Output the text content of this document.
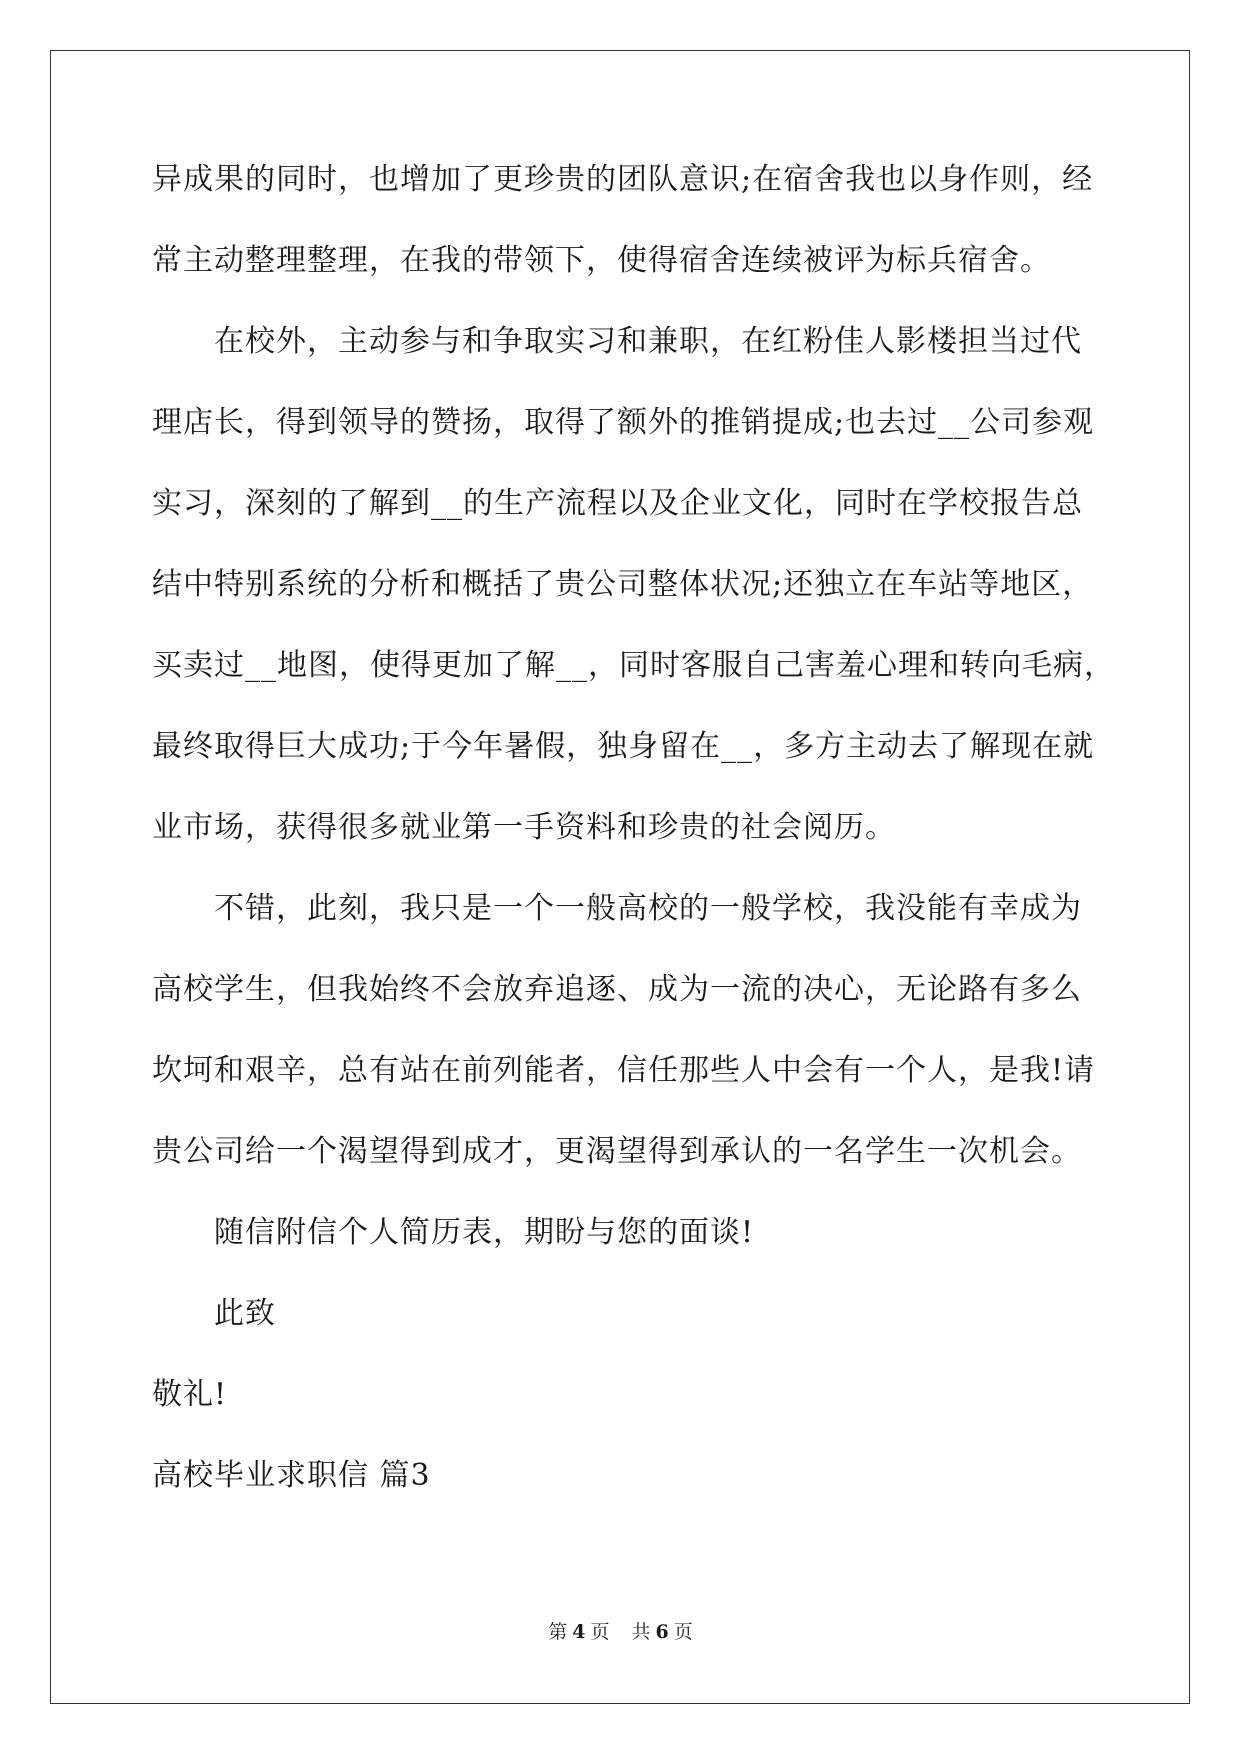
异成果的同时，也增加了更珍贵的团队意识;在宿舍我也以身作则，经
常主动整理整理，在我的带领下，使得宿舍连续被评为标兵宿舍。
在校外，主动参与和争取实习和兼职，在红粉佳人影楼担当过代
理店长，得到领导的赞扬，取得了额外的推销提成;也去过__公司参观
实习，深刻的了解到__的生产流程以及企业文化，同时在学校报告总
结中特别系统的分析和概括了贵公司整体状况;还独立在车站等地区，
买卖过__地图，使得更加了解__，同时客服自己害羞心理和转向毛病，
最终取得巨大成功;于今年暑假，独身留在__，多方主动去了解现在就
业市场，获得很多就业第一手资料和珍贵的社会阅历。
不错，此刻，我只是一个一般高校的一般学校，我没能有幸成为
高校学生，但我始终不会放弃追逐、成为一流的决心，无论路有多么
坎坷和艰辛，总有站在前列能者，信任那些人中会有一个人，是我!请
贵公司给一个渴望得到成才，更渴望得到承认的一名学生一次机会。
随信附信个人简历表，期盼与您的面谈!
此致
敬礼!
高校毕业求职信 篇3
第 4 页 共 6 页
